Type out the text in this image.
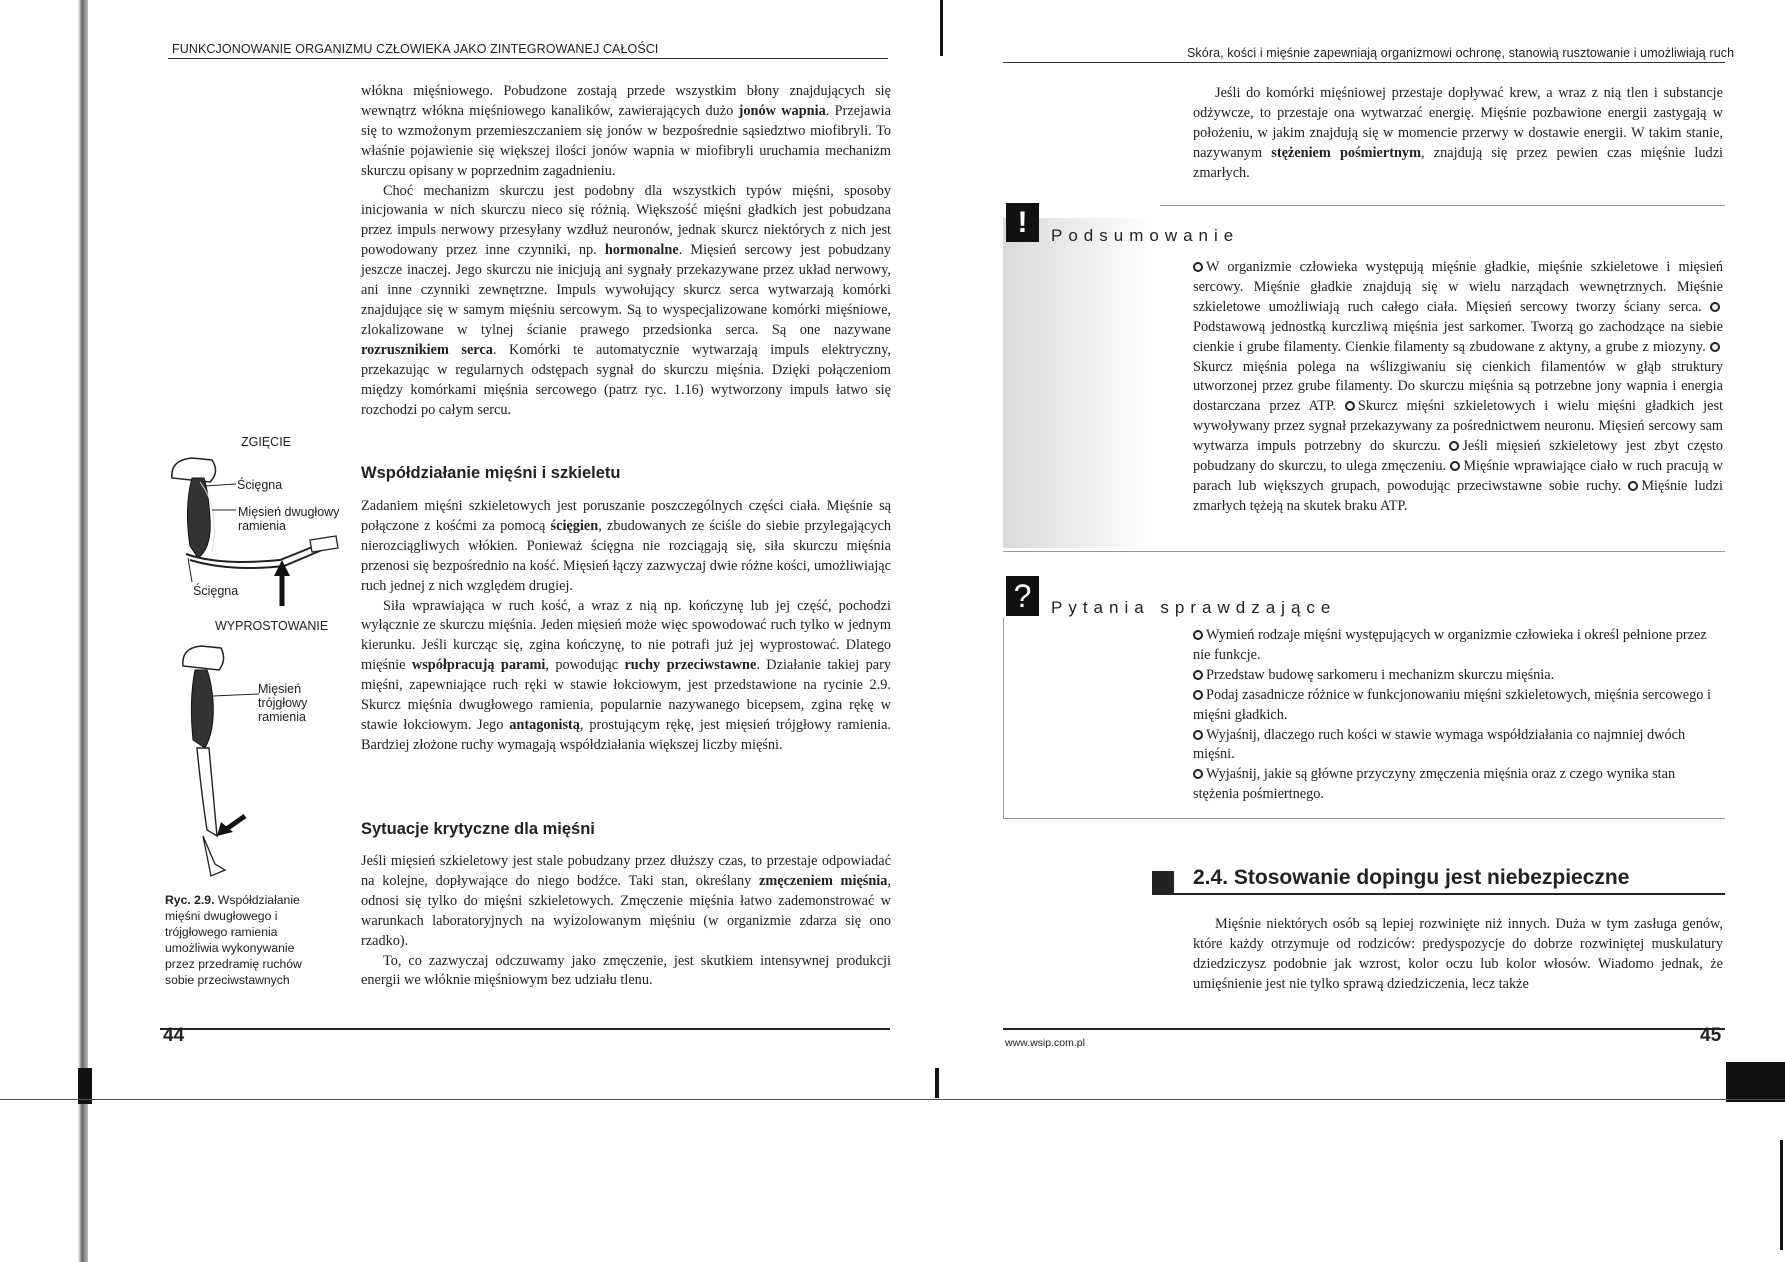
FUNKCJONOWANIE ORGANIZMU CZŁOWIEKA JAKO ZINTEGROWANEJ CAŁOŚCI

włókna mięśniowego. Pobudzone zostają przede wszystkim błony znajdujących się wewnątrz włókna mięśniowego kanalików, zawierających dużo jonów wapnia. Przejawia się to wzmożonym przemieszczaniem się jonów w bezpośrednie sąsiedztwo miofibryli. To właśnie pojawienie się większej ilości jonów wapnia w miofibryli uruchamia mechanizm skurczu opisany w poprzednim zagadnieniu.

Choć mechanizm skurczu jest podobny dla wszystkich typów mięśni, sposoby inicjowania w nich skurczu nieco się różnią. Większość mięśni gładkich jest pobudzana przez impuls nerwowy przesyłany wzdłuż neuronów, jednak skurcz niektórych z nich jest powodowany przez inne czynniki, np. hormonalne. Mięsień sercowy jest pobudzany jeszcze inaczej. Jego skurczu nie inicjują ani sygnały przekazywane przez układ nerwowy, ani inne czynniki zewnętrzne. Impuls wywołujący skurcz serca wytwarzają komórki znajdujące się w samym mięśniu sercowym. Są to wyspecjalizowane komórki mięśniowe, zlokalizowane w tylnej ścianie prawego przedsionka serca. Są one nazywane rozrusznikiem serca. Komórki te automatycznie wytwarzają impuls elektryczny, przekazując w regularnych odstępach sygnał do skurczu mięśnia. Dzięki połączeniom między komórkami mięśnia sercowego (patrz ryc. 1.16) wytworzony impuls łatwo się rozchodzi po całym sercu.

Współdziałanie mięśni i szkieletu

Zadaniem mięśni szkieletowych jest poruszanie poszczególnych części ciała. Mięśnie są połączone z kośćmi za pomocą ścięgien, zbudowanych ze ściśle do siebie przylegających nierozciągliwych włókien. Ponieważ ścięgna nie rozciągają się, siła skurczu mięśnia przenosi się bezpośrednio na kość. Mięsień łączy zazwyczaj dwie różne kości, umożliwiając ruch jednej z nich względem drugiej.

Siła wprawiająca w ruch kość, a wraz z nią np. kończynę lub jej część, pochodzi wyłącznie ze skurczu mięśnia. Jeden mięsień może więc spowodować ruch tylko w jednym kierunku. Jeśli kurcząc się, zgina kończynę, to nie potrafi już jej wyprostować. Dlatego mięśnie współpracują parami, powodując ruchy przeciwstawne. Działanie takiej pary mięśni, zapewniające ruch ręki w stawie łokciowym, jest przedstawione na rycinie 2.9. Skurcz mięśnia dwugłowego ramienia, popularnie nazywanego bicepsem, zgina rękę w stawie łokciowym. Jego antagonistą, prostującym rękę, jest mięsień trójgłowy ramienia. Bardziej złożone ruchy wymagają współdziałania większej liczby mięśni.

Sytuacje krytyczne dla mięśni

Jeśli mięsień szkieletowy jest stale pobudzany przez dłuższy czas, to przestaje odpowiadać na kolejne, dopływające do niego bodźce. Taki stan, określany zmęczeniem mięśnia, odnosi się tylko do mięśni szkieletowych. Zmęczenie mięśnia łatwo zademonstrować w warunkach laboratoryjnych na wyizolowanym mięśniu (w organizmie zdarza się ono rzadko).

To, co zazwyczaj odczuwamy jako zmęczenie, jest skutkiem intensywnej produkcji energii we włóknie mięśniowym bez udziału tlenu.

ZGIĘCIE
Ścięgna
Mięsień dwugłowy ramienia
Ścięgna
WYPROSTOWANIE
Mięsień
trójgłowy
ramienia
Ryc. 2.9. Współdziałanie mięśni dwugłowego i trójgłowego ramienia umożliwia wykonywanie przez przedramię ruchów sobie przeciwstawnych
44
Skóra, kości i mięśnie zapewniają organizmowi ochronę, stanowią rusztowanie i umożliwiają ruch

Jeśli do komórki mięśniowej przestaje dopływać krew, a wraz z nią tlen i substancje odżywcze, to przestaje ona wytwarzać energię. Mięśnie pozbawione energii zastygają w położeniu, w jakim znajdują się w momencie przerwy w dostawie energii. W takim stanie, nazywanym stężeniem pośmiertnym, znajdują się przez pewien czas mięśnie ludzi zmarłych.

!	Podsumowanie
W organizmie człowieka występują mięśnie gładkie, mięśnie szkieletowe i mięsień sercowy. Mięśnie gładkie znajdują się w wielu narządach wewnętrznych. Mięśnie szkieletowe umożliwiają ruch całego ciała. Mięsień sercowy tworzy ściany serca. Podstawową jednostką kurczliwą mięśnia jest sarkomer. Tworzą go zachodzące na siebie cienkie i grube filamenty. Cienkie filamenty są zbudowane z aktyny, a grube z miozyny. Skurcz mięśnia polega na wślizgiwaniu się cienkich filamentów w głąb struktury utworzonej przez grube filamenty. Do skurczu mięśnia są potrzebne jony wapnia i energia dostarczana przez ATP. Skurcz mięśni szkieletowych i wielu mięśni gładkich jest wywoływany przez sygnał przekazywany za pośrednictwem neuronu. Mięsień sercowy sam wytwarza impuls potrzebny do skurczu. Jeśli mięsień szkieletowy jest zbyt często pobudzany do skurczu, to ulega zmęczeniu. Mięśnie wprawiające ciało w ruch pracują w parach lub większych grupach, powodując przeciwstawne sobie ruchy. Mięśnie ludzi zmarłych tężeją na skutek braku ATP.
?	Pytania sprawdzające

Wymień rodzaje mięśni występujących w organizmie człowieka i określ pełnione przez nie funkcje.

Przedstaw budowę sarkomeru i mechanizm skurczu mięśnia.

Podaj zasadnicze różnice w funkcjonowaniu mięśni szkieletowych, mięśnia sercowego i mięśni gładkich.

Wyjaśnij, dlaczego ruch kości w stawie wymaga współdziałania co najmniej dwóch mięśni.

Wyjaśnij, jakie są główne przyczyny zmęczenia mięśnia oraz z czego wynika stan stężenia pośmiertnego.

2.4. Stosowanie dopingu jest niebezpieczne

Mięśnie niektórych osób są lepiej rozwinięte niż innych. Duża w tym zasługa genów, które każdy otrzymuje od rodziców: predyspozycje do dobrze rozwiniętej muskulatury dziedziczysz podobnie jak wzrost, kolor oczu lub kolor włosów. Wiadomo jednak, że umięśnienie jest nie tylko sprawą dziedziczenia, lecz także

www.wsip.com.pl	45
